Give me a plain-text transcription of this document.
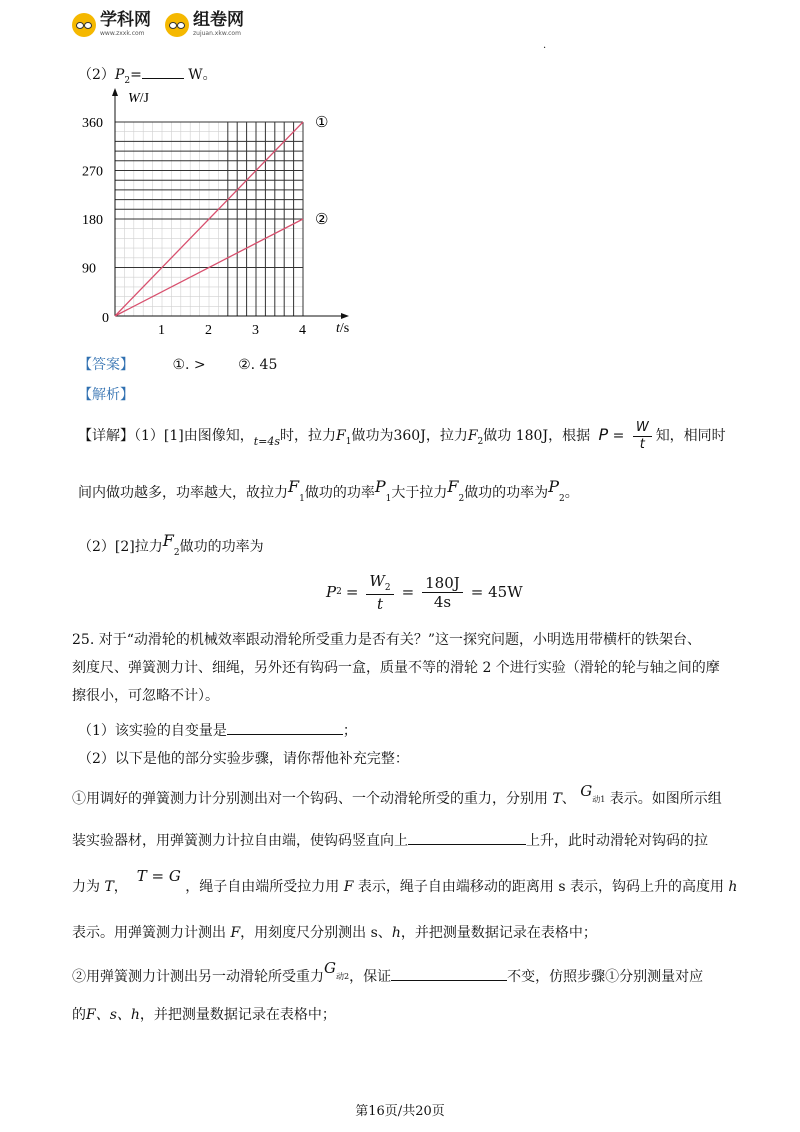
学科网
www.zxxk.com
组卷网
zujuan.xkw.com
.
$(2)P_2=$	W。
①
②
W/J
t/s
0
1	2	3	4
90
180
270
360
【答案】	①. > ②. 45
【解析】
【详解】（1）[1]由图像知，$_{t=4s}$时，拉力$F_1$做功为360J，拉力$F_2$做功 180J，根据 $P = \frac{W}{t}$ 知，相同时
间内做功越多，功率越大，故拉力$F_1$做功的功率$P_1$大于拉力$F_2$做功的功率为$P_2$。
（2）[2]拉力$F_2$做功的功率为
P $2 = \frac{W_2}{t} = \frac{180J}{4s} = 45W$
25. 对于“动滑轮的机械效率跟动滑轮所受重力是否有关？”这一探究问题，小明选用带横杆的铁架台、
刻度尺、弹簧测力计、细绳，另外还有钩码一盒，质量不等的滑轮 2 个进行实验（滑轮的轮与轴之间的摩
擦很小，可忽略不计）。
（1）该实验的自变量是	；
（2）以下是他的部分实验步骤，请你帮他补充完整：
①用调好的弹簧测力计分别测出对一个钩码、一个动滑轮所受的重力，分别用 T、 $G_{动1}$ 表示。如图所示组
装实验器材，用弹簧测力计拉自由端，使钩码竖直向上	上升，此时动滑轮对钩码的拉
力为 T，  T = G ，绳子自由端所受拉力用 F 表示，绳子自由端移动的距离用 s 表示，钩码上升的高度用 h
表示。用弹簧测力计测出 F，用刻度尺分别测出 s、h，并把测量数据记录在表格中；
②用弹簧测力计测出另一动滑轮所受重力$G_{动2}$，保证	不变，仿照步骤①分别测量对应
的F、s、h，并把测量数据记录在表格中；
第16页/共20页
